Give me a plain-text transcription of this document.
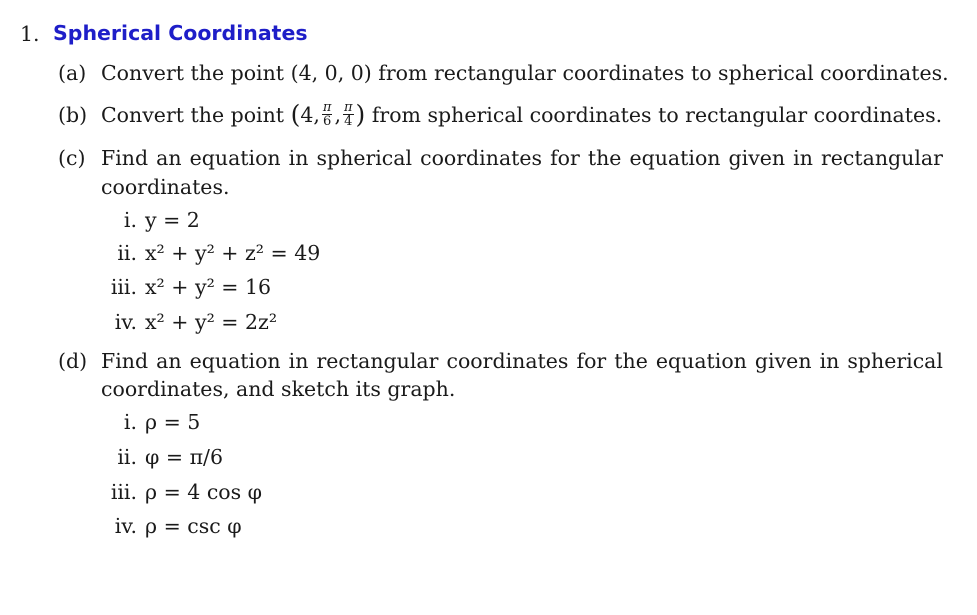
1. Spherical Coordinates
(a) Convert the point (4, 0, 0) from rectangular coordinates to spherical coordinates.
(b) Convert the point (4, $\frac{\pi}{6}$ , $\frac{\pi}{4}$ ) from spherical coordinates to rectangular coordinates.
(c) Find an equation in spherical coordinates for the equation given in rectangular
coordinates.
i. y = 2
ii. x² + y² + z² = 49
iii. x² + y² = 16
iv. x² + y² = 2z²
(d) Find an equation in rectangular coordinates for the equation given in spherical
coordinates, and sketch its graph.
i. ρ = 5
ii. φ = π/6
iii. ρ = 4 cos φ
iv. ρ = csc φ
